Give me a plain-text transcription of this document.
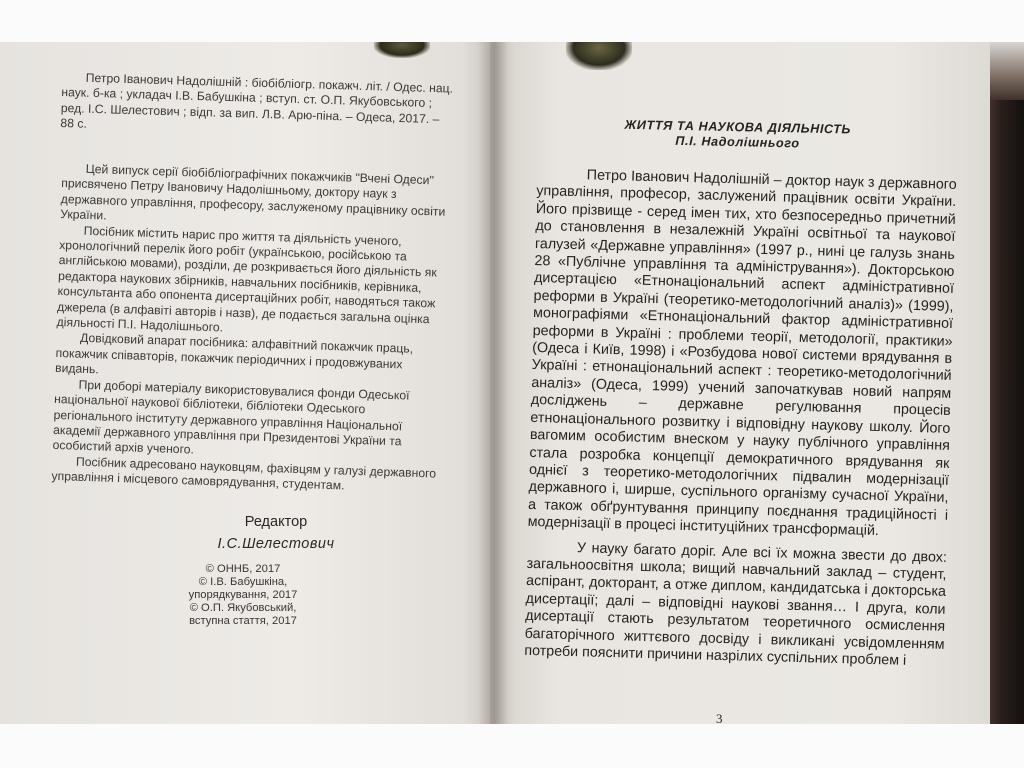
Петро Іванович Надолішній : біобібліогр. покажч. літ. / Одес. нац. наук. б-ка ; укладач І.В. Бабушкіна ; вступ. ст. О.П. Якубовського ; ред. І.С. Шелестович ; відп. за вип. Л.В. Арю-піна. – Одеса, 2017. – 88 с.

Цей випуск серії біобібліографічних покажчиків "Вчені Одеси" присвячено Петру Івановичу Надолішньому, доктору наук з державного управління, професору, заслуженому працівнику освіти України.

Посібник містить нарис про життя та діяльність ученого, хронологічний перелік його робіт (українською, російською та англійською мовами), розділи, де розкривається його діяльність як редактора наукових збірників, навчальних посібників, керівника, консультанта або опонента дисертаційних робіт, наводяться також джерела (в алфавіті авторів і назв), де подається загальна оцінка діяльності П.І. Надолішнього.

Довідковий апарат посібника: алфавітний покажчик праць, покажчик співавторів, покажчик періодичних і продовжуваних видань.

При доборі матеріалу використовувалися фонди Одеської національної наукової бібліотеки, бібліотеки Одеського регіонального інституту державного управління Національної академії державного управління при Президентові України та особистий архів ученого.

Посібник адресовано науковцям, фахівцям у галузі державного управління і місцевого самоврядування, студентам.

Редактор
І.С.Шелестович
© ОННБ, 2017
© І.В. Бабушкіна,
упорядкування, 2017
© О.П. Якубовський,
вступна стаття, 2017
ЖИТТЯ ТА НАУКОВА ДІЯЛЬНІСТЬ
П.І. Надолішнього

Петро Іванович Надолішній – доктор наук з державного управління, професор, заслужений працівник освіти України. Його прізвище - серед імен тих, хто безпосередньо причетний до становлення в незалежній Україні освітньої та наукової галузей «Державне управління» (1997 р., нині це галузь знань 28 «Публічне управління та адміністрування»). Докторською дисертацією «Етнонаціональний аспект адміністративної реформи в Україні (теоретико-методологічний аналіз)» (1999), монографіями «Етнонаціональний фактор адміністративної реформи в Україні : проблеми теорії, методології, практики» (Одеса і Київ, 1998) і «Розбудова нової системи врядування в Україні : етнонаціональний аспект : теоретико-методологічний аналіз» (Одеса, 1999) учений започаткував новий напрям досліджень – державне регулювання процесів етнонаціонального розвитку і відповідну наукову школу. Його вагомим особистим внеском у науку публічного управління стала розробка концепції демократичного врядування як однієї з теоретико-методологічних підвалин модернізації державного і, ширше, суспільного організму сучасної України, а також обґрунтування принципу поєднання традиційності і модернізації в процесі інституційних трансформацій.

У науку багато доріг. Але всі їх можна звести до двох: загальноосвітня школа; вищий навчальний заклад – студент, аспірант, докторант, а отже диплом, кандидатська і докторська дисертації; далі – відповідні наукові звання… І друга, коли дисертації стають результатом теоретичного осмислення багаторічного життєвого досвіду і викликані усвідомленням потреби пояснити причини назрілих суспільних проблем і

3
